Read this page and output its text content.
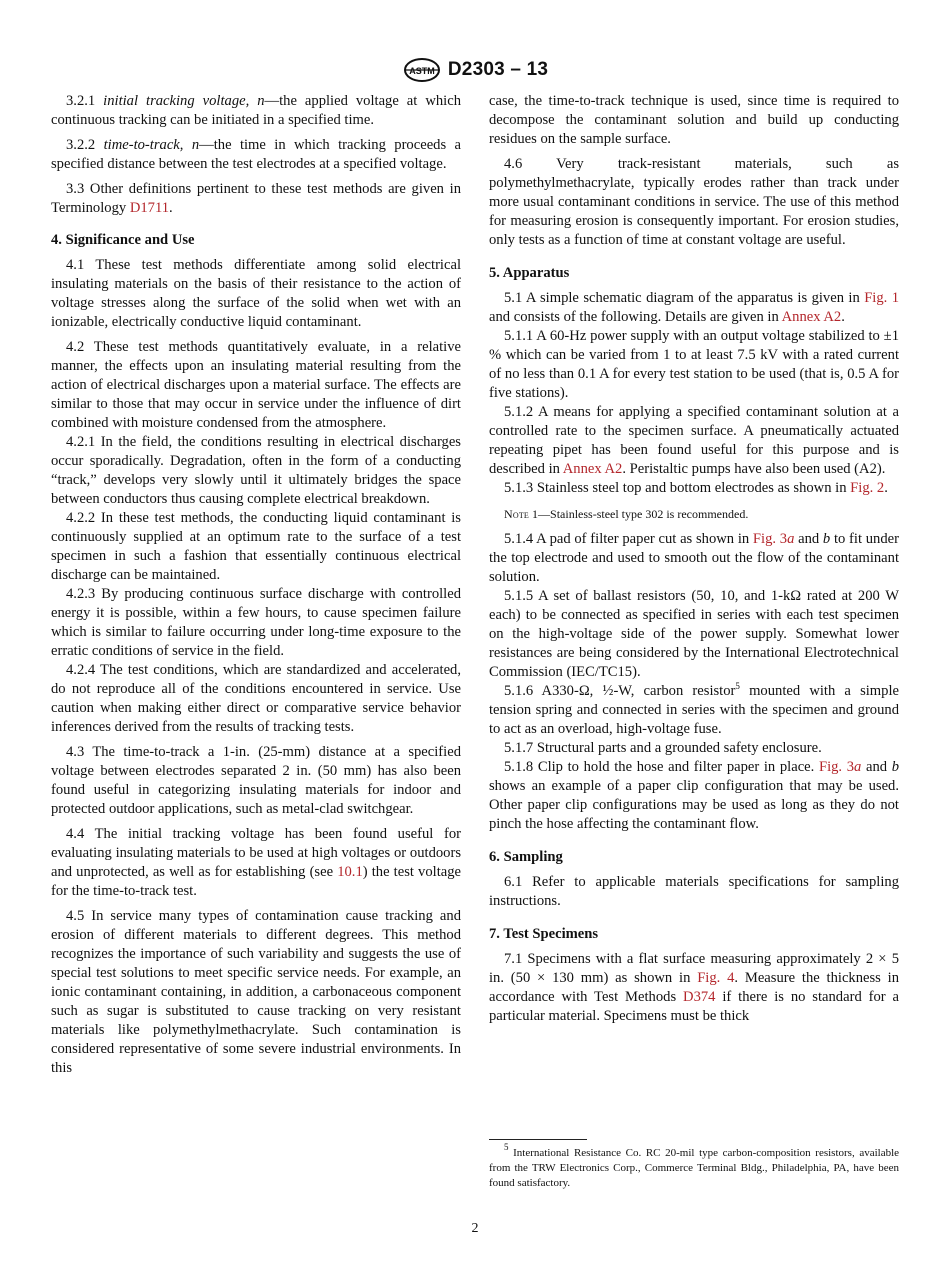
ASTM D2303 – 13

3.2.1 initial tracking voltage, n—the applied voltage at which continuous tracking can be initiated in a specified time.

3.2.2 time-to-track, n—the time in which tracking proceeds a specified distance between the test electrodes at a specified voltage.

3.3 Other definitions pertinent to these test methods are given in Terminology D1711.

4. Significance and Use

4.1 These test methods differentiate among solid electrical insulating materials on the basis of their resistance to the action of voltage stresses along the surface of the solid when wet with an ionizable, electrically conductive liquid contaminant.

4.2 These test methods quantitatively evaluate, in a relative manner, the effects upon an insulating material resulting from the action of electrical discharges upon a material surface. The effects are similar to those that may occur in service under the influence of dirt combined with moisture condensed from the atmosphere.

4.2.1 In the field, the conditions resulting in electrical discharges occur sporadically. Degradation, often in the form of a conducting “track,” develops very slowly until it ultimately bridges the space between conductors thus causing complete electrical breakdown.

4.2.2 In these test methods, the conducting liquid contaminant is continuously supplied at an optimum rate to the surface of a test specimen in such a fashion that essentially continuous electrical discharge can be maintained.

4.2.3 By producing continuous surface discharge with controlled energy it is possible, within a few hours, to cause specimen failure which is similar to failure occurring under long-time exposure to the erratic conditions of service in the field.

4.2.4 The test conditions, which are standardized and accelerated, do not reproduce all of the conditions encountered in service. Use caution when making either direct or comparative service behavior inferences derived from the results of tracking tests.

4.3 The time-to-track a 1-in. (25-mm) distance at a specified voltage between electrodes separated 2 in. (50 mm) has also been found useful in categorizing insulating materials for indoor and protected outdoor applications, such as metal-clad switchgear.

4.4 The initial tracking voltage has been found useful for evaluating insulating materials to be used at high voltages or outdoors and unprotected, as well as for establishing (see 10.1) the test voltage for the time-to-track test.

4.5 In service many types of contamination cause tracking and erosion of different materials to different degrees. This method recognizes the importance of such variability and suggests the use of special test solutions to meet specific service needs. For example, an ionic contaminant containing, in addition, a carbonaceous component such as sugar is substituted to cause tracking on very resistant materials like polymethylmethacrylate. Such contamination is considered representative of some severe industrial environments. In this

case, the time-to-track technique is used, since time is required to decompose the contaminant solution and build up conducting residues on the sample surface.

4.6 Very track-resistant materials, such as

polymethylmethacrylate, typically erodes rather than track under more usual contaminant conditions in service. The use of this method for measuring erosion is consequently important. For erosion studies, only tests as a function of time at constant voltage are useful.

5. Apparatus

5.1 A simple schematic diagram of the apparatus is given in Fig. 1 and consists of the following. Details are given in Annex A2.

5.1.1 A 60-Hz power supply with an output voltage stabilized to ±1 % which can be varied from 1 to at least 7.5 kV with a rated current of no less than 0.1 A for every test station to be used (that is, 0.5 A for five stations).

5.1.2 A means for applying a specified contaminant solution at a controlled rate to the specimen surface. A pneumatically actuated repeating pipet has been found useful for this purpose and is described in Annex A2. Peristaltic pumps have also been used (A2).

5.1.3 Stainless steel top and bottom electrodes as shown in Fig. 2.

Note 1—Stainless-steel type 302 is recommended.

5.1.4 A pad of filter paper cut as shown in Fig. 3a and b to fit under the top electrode and used to smooth out the flow of the contaminant solution.

5.1.5 A set of ballast resistors (50, 10, and 1-kΩ rated at 200 W each) to be connected as specified in series with each test specimen on the high-voltage side of the power supply. Somewhat lower resistances are being considered by the International Electrotechnical Commission (IEC/TC15).

5.1.6 A330-Ω, ½-W, carbon resistor$^5$ mounted with a simple tension spring and connected in series with the specimen and ground to act as an overload, high-voltage fuse.

5.1.7 Structural parts and a grounded safety enclosure.

5.1.8 Clip to hold the hose and filter paper in place. Fig. 3a and b shows an example of a paper clip configuration that may be used. Other paper clip configurations may be used as long as they do not pinch the hose affecting the contaminant flow.

6. Sampling

6.1 Refer to applicable materials specifications for sampling instructions.

7. Test Specimens

7.1 Specimens with a flat surface measuring approximately 2 × 5 in. (50 × 130 mm) as shown in Fig. 4. Measure the thickness in accordance with Test Methods D374 if there is no standard for a particular material. Specimens must be thick

$^5$ International Resistance Co. RC 20-mil type carbon-composition resistors, available from the TRW Electronics Corp., Commerce Terminal Bldg., Philadelphia, PA, have been found satisfactory.

2
